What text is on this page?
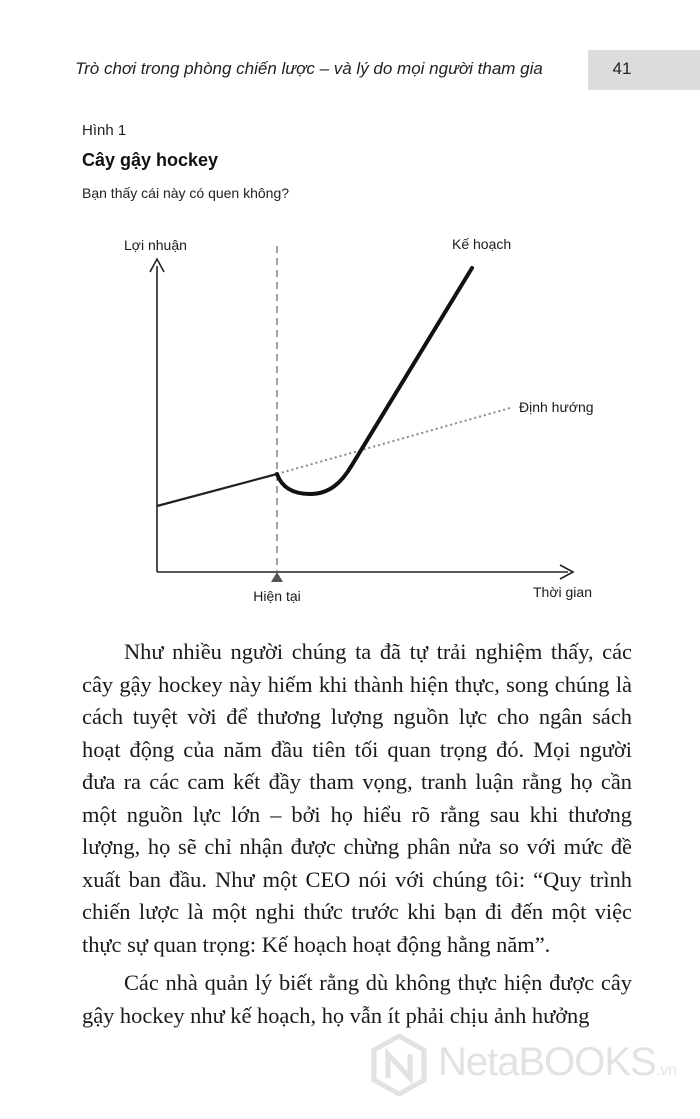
Trò chơi trong phòng chiến lược – và lý do mọi người tham gia	41
Hình 1
Cây gậy hockey
Bạn thấy cái này có quen không?
Lợi nhuận
Thời gian
Hiện tại
Kế hoạch
Định hướng

Như nhiều người chúng ta đã tự trải nghiệm thấy, các cây gậy hockey này hiếm khi thành hiện thực, song chúng là cách tuyệt vời để thương lượng nguồn lực cho ngân sách hoạt động của năm đầu tiên tối quan trọng đó. Mọi người đưa ra các cam kết đầy tham vọng, tranh luận rằng họ cần một nguồn lực lớn – bởi họ hiểu rõ rằng sau khi thương lượng, họ sẽ chỉ nhận được chừng phân nửa so với mức đề xuất ban đầu. Như một CEO nói với chúng tôi: “Quy trình chiến lược là một nghi thức trước khi bạn đi đến một việc thực sự quan trọng: Kế hoạch hoạt động hằng năm”.

Các nhà quản lý biết rằng dù không thực hiện được cây gậy hockey như kế hoạch, họ vẫn ít phải chịu ảnh hưởng

NetaBOOKS.vn
